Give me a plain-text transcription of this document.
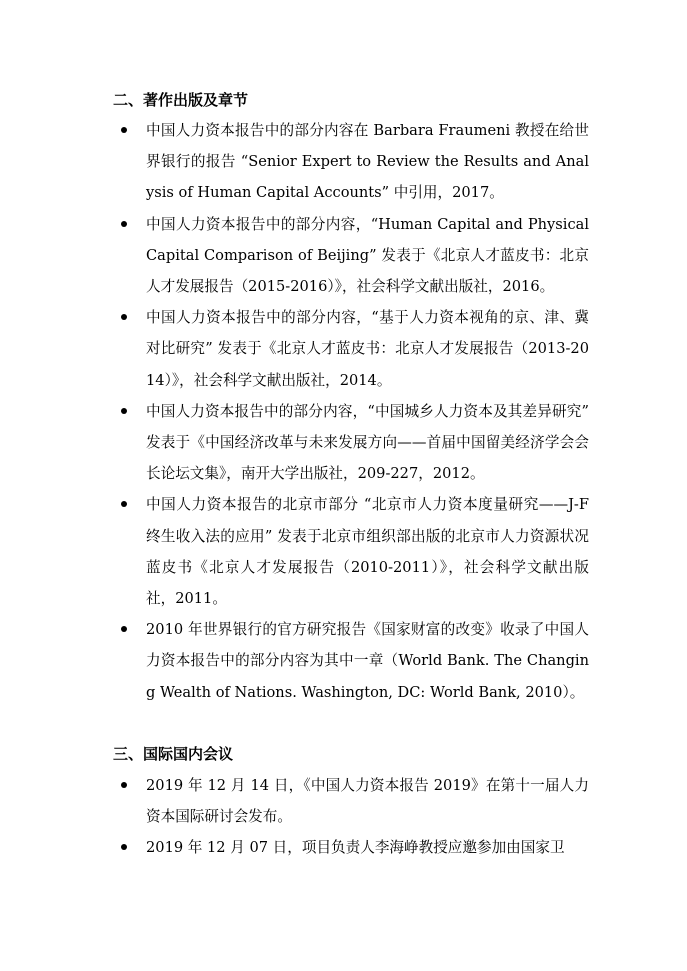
二、著作出版及章节
中国人力资本报告中的部分内容在 Barbara Fraumeni 教授在给世界银行的报告 “Senior Expert to Review the Results and Analysis of Human Capital Accounts” 中引用，2017。
中国人力资本报告中的部分内容，“Human Capital and Physical Capital Comparison of Beijing” 发表于《北京人才蓝皮书：北京人才发展报告（2015-2016）》，社会科学文献出版社，2016。
中国人力资本报告中的部分内容，“基于人力资本视角的京、津、冀对比研究” 发表于《北京人才蓝皮书：北京人才发展报告（2013-2014）》，社会科学文献出版社，2014。
中国人力资本报告中的部分内容，“中国城乡人力资本及其差异研究” 发表于《中国经济改革与未来发展方向——首届中国留美经济学会会长论坛文集》，南开大学出版社，209-227，2012。
中国人力资本报告的北京市部分 “北京市人力资本度量研究——J-F 终生收入法的应用” 发表于北京市组织部出版的北京市人力资源状况蓝皮书《北京人才发展报告（2010-2011）》，社会科学文献出版社，2011。
2010 年世界银行的官方研究报告《国家财富的改变》收录了中国人力资本报告中的部分内容为其中一章（World Bank. The Changing Wealth of Nations. Washington, DC: World Bank, 2010）。
三、国际国内会议
2019 年 12 月 14 日，《中国人力资本报告 2019》在第十一届人力资本国际研讨会发布。
2019 年 12 月 07 日，项目负责人李海峥教授应邀参加由国家卫
